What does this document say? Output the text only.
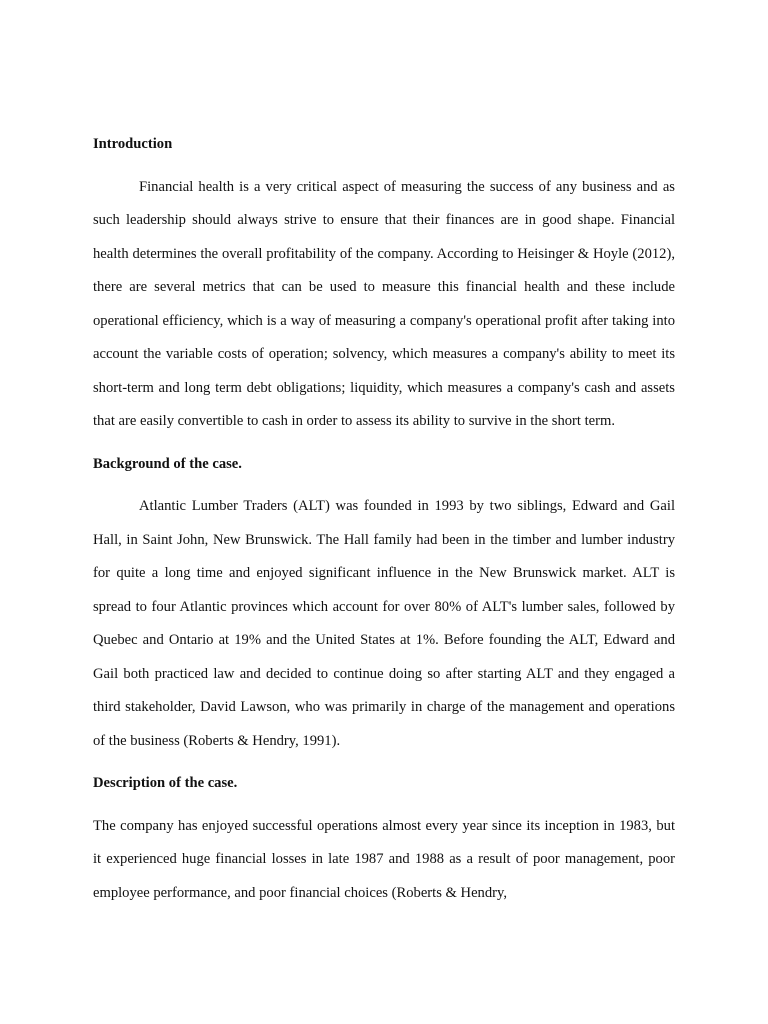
Introduction

Financial health is a very critical aspect of measuring the success of any business and as such leadership should always strive to ensure that their finances are in good shape. Financial health determines the overall profitability of the company. According to Heisinger & Hoyle (2012), there are several metrics that can be used to measure this financial health and these include operational efficiency, which is a way of measuring a company's operational profit after taking into account the variable costs of operation; solvency, which measures a company's ability to meet its short-term and long term debt obligations; liquidity, which measures a company's cash and assets that are easily convertible to cash in order to assess its ability to survive in the short term.

Background of the case.

Atlantic Lumber Traders (ALT) was founded in 1993 by two siblings, Edward and Gail Hall, in Saint John, New Brunswick. The Hall family had been in the timber and lumber industry for quite a long time and enjoyed significant influence in the New Brunswick market. ALT is spread to four Atlantic provinces which account for over 80% of ALT's lumber sales, followed by Quebec and Ontario at 19% and the United States at 1%. Before founding the ALT, Edward and Gail both practiced law and decided to continue doing so after starting ALT and they engaged a third stakeholder, David Lawson, who was primarily in charge of the management and operations of the business (Roberts & Hendry, 1991).

Description of the case.

The company has enjoyed successful operations almost every year since its inception in 1983, but it experienced huge financial losses in late 1987 and 1988 as a result of poor management, poor employee performance, and poor financial choices (Roberts & Hendry,
